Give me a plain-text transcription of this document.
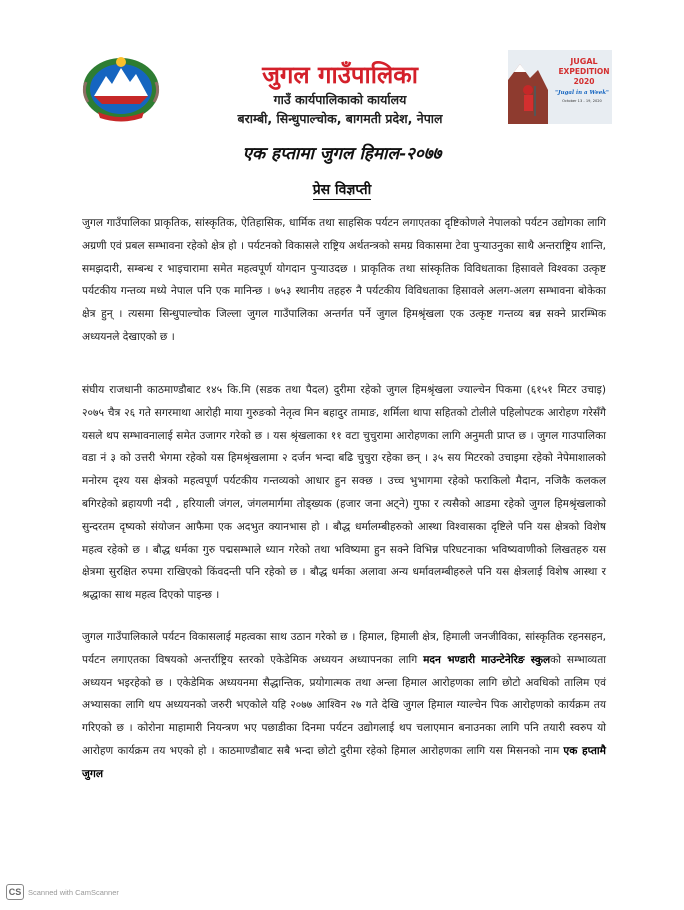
जुगल गाउँपालिका
गाउँ कार्यपालिकाको कार्यालय
बराम्बी, सिन्धुपाल्चोक, बागमती प्रदेश, नेपाल
JUGAL
EXPEDITION
2020
"Jugal in a Week"
October 13 - 19, 2020
एक हप्तामा जुगल हिमाल-२०७७
प्रेस विज्ञप्ती

जुगल गाउँपालिका प्राकृतिक, सांस्कृतिक, ऐतिहासिक, धार्मिक तथा साहसिक पर्यटन लगाएतका दृष्टिकोणले नेपालको पर्यटन उद्योगका लागि अग्रणी एवं प्रबल सम्भावना रहेको क्षेत्र हो । पर्यटनको विकासले राष्ट्रिय अर्थतन्त्रको समग्र विकासमा टेवा पुऱ्याउनुका साथै अन्तराष्ट्रिय शान्ति, समझदारी, सम्बन्ध र भाइचारामा समेत महत्वपूर्ण योगदान पुऱ्याउदछ । प्राकृतिक तथा सांस्कृतिक विविधताका हिसावले विश्वका उत्कृष्ट पर्यटकीय गन्तव्य मध्ये नेपाल पनि एक मानिन्छ । ७५३ स्थानीय तहहरु नै पर्यटकीय विविधताका हिसावले अलग-अलग सम्भावना बोकेका क्षेत्र हुन् । त्यसमा सिन्धुपाल्चोक जिल्ला जुगल गाउँपालिका अन्तर्गत पर्ने जुगल हिमश्रृंखला एक उत्कृष्ट गन्तव्य बन्न सक्ने प्रारम्भिक अध्ययनले देखाएको छ ।

संघीय राजधानी काठमाण्डौबाट १४५ कि.मि (सडक तथा पैदल) दुरीमा रहेको जुगल हिमश्रृंखला ज्याल्चेन पिकमा (६१५१ मिटर उचाइ) २०७५ चैत्र २६ गते सगरमाथा आरोही माया गुरुङको नेतृत्व मिन बहादुर तामाङ, शर्मिला थापा सहितको टोलीले पहिलोपटक आरोहण गरेसँगै यसले थप सम्भावनालाई समेत उजागर गरेको छ । यस श्रृंखलाका ११ वटा चुचुरामा आरोहणका लागि अनुमती प्राप्त छ । जुगल गाउपालिका वडा नं ३ को उत्तरी भेगमा रहेको यस हिमश्रृंखलामा २ दर्जन भन्दा बढि चुचुरा रहेका छन् । ३५ सय मिटरको उचाइमा रहेको नेपेमाशालको मनोरम दृश्य यस क्षेत्रको महत्वपूर्ण पर्यटकीय गन्तव्यको आधार हुन सक्छ । उच्च भुभागमा रहेको फराकिलो मैदान, नजिकै कलकल बगिरहेको ब्रहायणी नदी , हरियाली जंगल, जंगलमार्गमा तोड्ख्यक (हजार जना अट्ने) गुफा र त्यसैको आडमा रहेको जुगल हिमश्रृंखलाको सुन्दरतम दृष्यको संयोजन आफैमा एक अदभुत क्यानभास हो । बौद्ध धर्मालम्बीहरुको आस्था विश्वासका दृष्टिले पनि यस क्षेत्रको विशेष महत्व रहेको छ । बौद्ध धर्मका गुरु पद्मसम्भाले ध्यान गरेको तथा भविष्यमा हुन सक्ने विभिन्न परिघटनाका भविष्यवाणीको लिखतहरु यस क्षेत्रमा सुरक्षित रुपमा राखिएको किंवदन्ती पनि रहेको छ । बौद्ध धर्मका अलावा अन्य धर्मावलम्बीहरुले पनि यस क्षेत्रलाई विशेष आस्था र श्रद्धाका साथ महत्व दिएको पाइन्छ ।

जुगल गाउँपालिकाले पर्यटन विकासलाई महत्वका साथ उठान गरेको छ । हिमाल, हिमाली क्षेत्र, हिमाली जनजीविका, सांस्कृतिक रहनसहन, पर्यटन लगाएतका विषयको अन्तर्राष्ट्रिय स्तरको एकेडेमिक अध्ययन अध्यापनका लागि मदन भण्डारी माउन्टेनेरिङ स्कुलको सम्भाव्यता अध्ययन भइरहेको छ । एकेडेमिक अध्ययनमा सैद्धान्तिक, प्रयोगात्मक तथा अन्ला हिमाल आरोहणका लागि छोटो अवधिको तालिम एवं अभ्यासका लागि थप अध्ययनको जरुरी भएकोले यहि २०७७ आश्विन २७ गते देखि जुगल हिमाल ग्याल्चेन पिक आरोहणको कार्यक्रम तय गरिएको छ । कोरोना माहामारी नियन्त्रण भए पछाडीका दिनमा पर्यटन उद्योगलाई थप चलाएमान बनाउनका लागि पनि तयारी स्वरुप यो आरोहण कार्यक्रम तय भएको हो । काठमाण्डौबाट सबै भन्दा छोटो दुरीमा रहेको हिमाल आरोहणका लागि यस मिसनको नाम एक हप्तामै जुगल

CS Scanned with CamScanner
